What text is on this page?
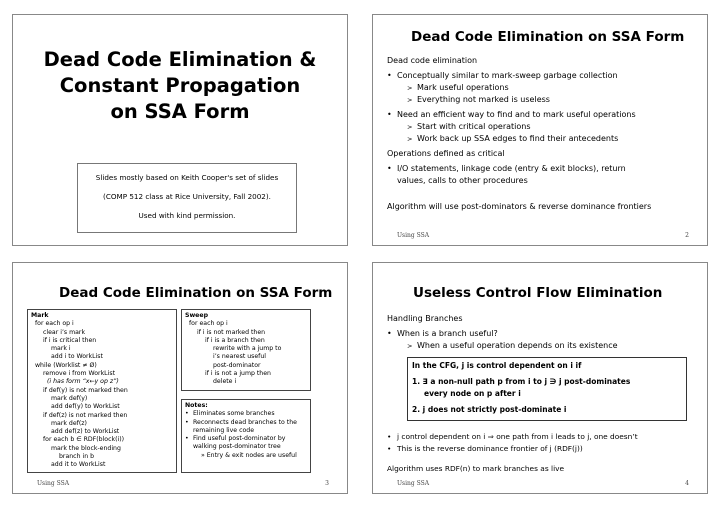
Dead Code Elimination &
Constant Propagation
on SSA Form
Slides mostly based on Keith Cooper's set of slides
(COMP 512 class at Rice University, Fall 2002).
Used with kind permission.
Dead Code Elimination on SSA Form
Dead code elimination
• Conceptually similar to mark-sweep garbage collection
> Mark useful operations
> Everything not marked is useless
• Need an efficient way to find and to mark useful operations
> Start with critical operations
> Work back up SSA edges to find their antecedents
Operations defined as critical
• I/O statements, linkage code (entry & exit blocks), return
values, calls to other procedures
Algorithm will use post-dominators & reverse dominance frontiers
Using SSA	2
Dead Code Elimination on SSA Form
Mark
for each op i
clear i’s mark
if i is critical then
mark i
add i to WorkList
while (Worklist ≠ Ø)
remove i from WorkList
(i has form “x←y op z”)
if def(y) is not marked then
mark def(y)
add def(y) to WorkList
if def(z) is not marked then
mark def(z)
add def(z) to WorkList
for each b ∈ RDF(block(i))
mark the block-ending
branch in b
add it to WorkList
Sweep
for each op i
if i is not marked then
if i is a branch then
rewrite with a jump to
i’s nearest useful
post-dominator
if i is not a jump then
delete i
Notes:
• Eliminates some branches
• Reconnects dead branches to the
remaining live code
• Find useful post-dominator by
walking post-dominator tree
» Entry & exit nodes are useful
Using SSA	3
Useless Control Flow Elimination
Handling Branches
• When is a branch useful?
> When a useful operation depends on its existence
In the CFG, j is control dependent on i if
1. ∃ a non-null path p from i to j ∋ j post-dominates
every node on p after i
2. j does not strictly post-dominate i
• j control dependent on i ⇒ one path from i leads to j, one doesn’t
• This is the reverse dominance frontier of j (RDF(j))
Algorithm uses RDF(n) to mark branches as live
Using SSA	4
